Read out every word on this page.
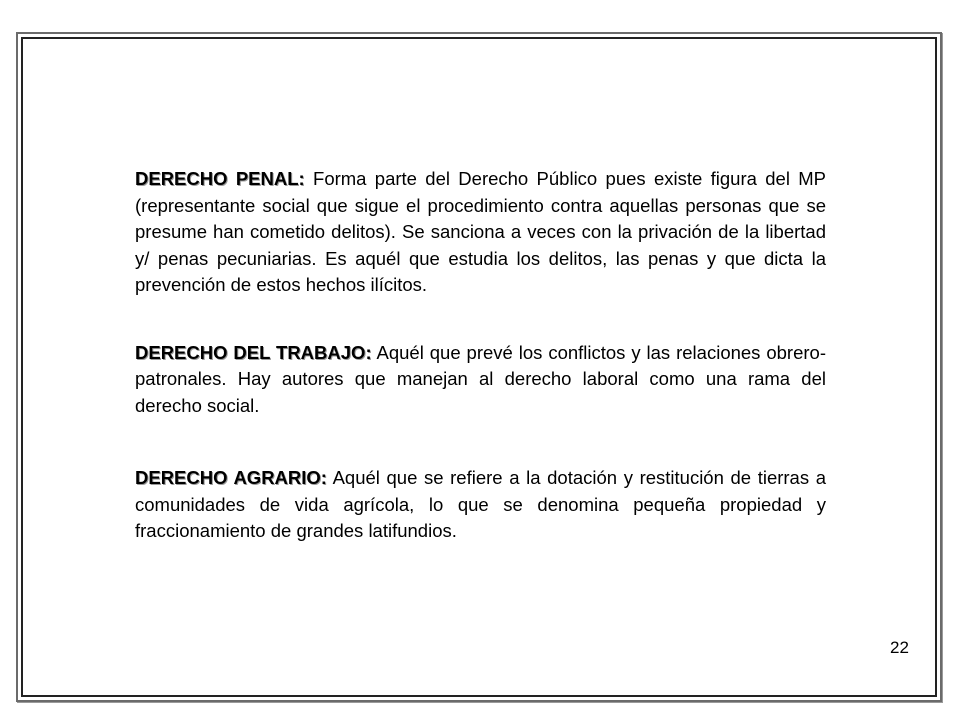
DERECHO PENAL: Forma parte del Derecho Público pues existe figura del MP (representante social que sigue el procedimiento contra aquellas personas que se presume han cometido delitos). Se sanciona a veces con la privación de la libertad y/ penas pecuniarias. Es aquél que estudia los delitos, las penas y que dicta la prevención de estos hechos ilícitos.

DERECHO DEL TRABAJO: Aquél que prevé los conflictos y las relaciones obrero-patronales. Hay autores que manejan al derecho laboral como una rama del derecho social.

DERECHO AGRARIO: Aquél que se refiere a la dotación y restitución de tierras a comunidades de vida agrícola, lo que se denomina pequeña propiedad y fraccionamiento de grandes latifundios.

22
